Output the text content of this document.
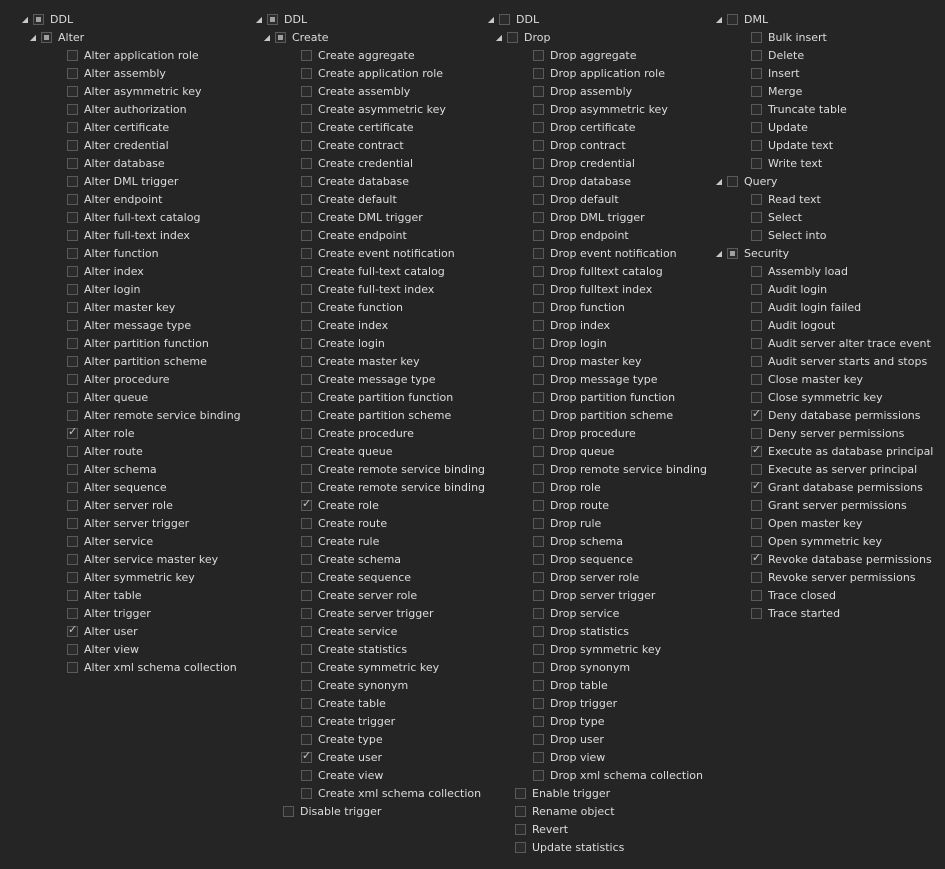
◢ DDL
◢ Alter
Alter application role
Alter assembly
Alter asymmetric key
Alter authorization
Alter certificate
Alter credential
Alter database
Alter DML trigger
Alter endpoint
Alter full-text catalog
Alter full-text index
Alter function
Alter index
Alter login
Alter master key
Alter message type
Alter partition function
Alter partition scheme
Alter procedure
Alter queue
Alter remote service binding
✓
Alter role
Alter route
Alter schema
Alter sequence
Alter server role
Alter server trigger
Alter service
Alter service master key
Alter symmetric key
Alter table
Alter trigger
✓
Alter user
Alter view
Alter xml schema collection
◢ DDL
◢ Create
Create aggregate
Create application role
Create assembly
Create asymmetric key
Create certificate
Create contract
Create credential
Create database
Create default
Create DML trigger
Create endpoint
Create event notification
Create full-text catalog
Create full-text index
Create function
Create index
Create login
Create master key
Create message type
Create partition function
Create partition scheme
Create procedure
Create queue
Create remote service binding
Create remote service binding
✓
Create role
Create route
Create rule
Create schema
Create sequence
Create server role
Create server trigger
Create service
Create statistics
Create symmetric key
Create synonym
Create table
Create trigger
Create type
✓
Create user
Create view
Create xml schema collection
Disable trigger
◢ DDL
◢ Drop
Drop aggregate
Drop application role
Drop assembly
Drop asymmetric key
Drop certificate
Drop contract
Drop credential
Drop database
Drop default
Drop DML trigger
Drop endpoint
Drop event notification
Drop fulltext catalog
Drop fulltext index
Drop function
Drop index
Drop login
Drop master key
Drop message type
Drop partition function
Drop partition scheme
Drop procedure
Drop queue
Drop remote service binding
Drop role
Drop route
Drop rule
Drop schema
Drop sequence
Drop server role
Drop server trigger
Drop service
Drop statistics
Drop symmetric key
Drop synonym
Drop table
Drop trigger
Drop type
Drop user
Drop view
Drop xml schema collection
Enable trigger
Rename object
Revert
Update statistics
◢ DML
Bulk insert
Delete
Insert
Merge
Truncate table
Update
Update text
Write text
◢ Query
Read text
Select
Select into
◢ Security
Assembly load
Audit login
Audit login failed
Audit logout
Audit server alter trace event
Audit server starts and stops
Close master key
Close symmetric key
✓
Deny database permissions
Deny server permissions
✓
Execute as database principal
Execute as server principal
✓
Grant database permissions
Grant server permissions
Open master key
Open symmetric key
✓
Revoke database permissions
Revoke server permissions
Trace closed
Trace started
